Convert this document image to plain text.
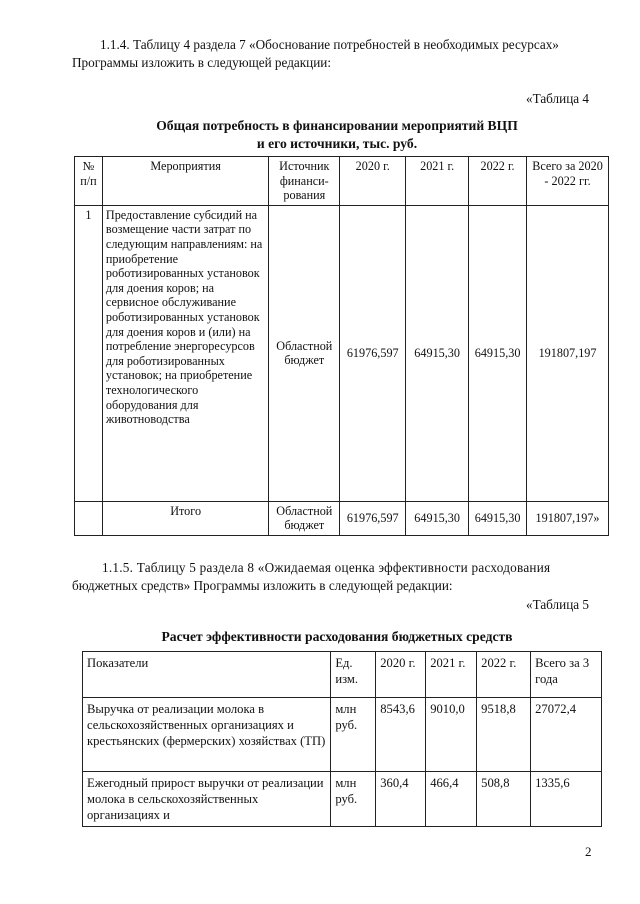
1.1.4. Таблицу 4 раздела 7 «Обоснование потребностей в необходимых ресурсах»
Программы изложить в следующей редакции:
«Таблица 4
Общая потребность в финансировании мероприятий ВЦП
и его источники, тыс. руб.
№ п/п	Мероприятия	Источник финанси-рования	2020 г.	2021 г.	2022 г.	Всего за 2020 - 2022 гг.
1	Предоставление субсидий на возмещение части затрат по следующим направлениям: на приобретение роботизированных установок для доения коров; на сервисное обслуживание роботизированных установок для доения коров и (или) на потребление энергоресурсов для роботизированных установок; на приобретение технологического оборудования для животноводства	Областной бюджет	61976,597	64915,30	64915,30	191807,197
	Итого	Областной бюджет	61976,597	64915,30	64915,30	191807,197»
1.1.5. Таблицу 5 раздела 8 «Ожидаемая оценка эффективности расходования
бюджетных средств» Программы изложить в следующей редакции:
«Таблица 5
Расчет эффективности расходования бюджетных средств
Показатели	Ед. изм.	2020 г.	2021 г.	2022 г.	Всего за 3 года
Выручка от реализации молока в сельскохозяйственных организациях и крестьянских (фермерских) хозяйствах (ТП)	млн руб.	8543,6	9010,0	9518,8	27072,4
Ежегодный прирост выручки от реализации молока в сельскохозяйственных организациях и	млн руб.	360,4	466,4	508,8	1335,6
2
